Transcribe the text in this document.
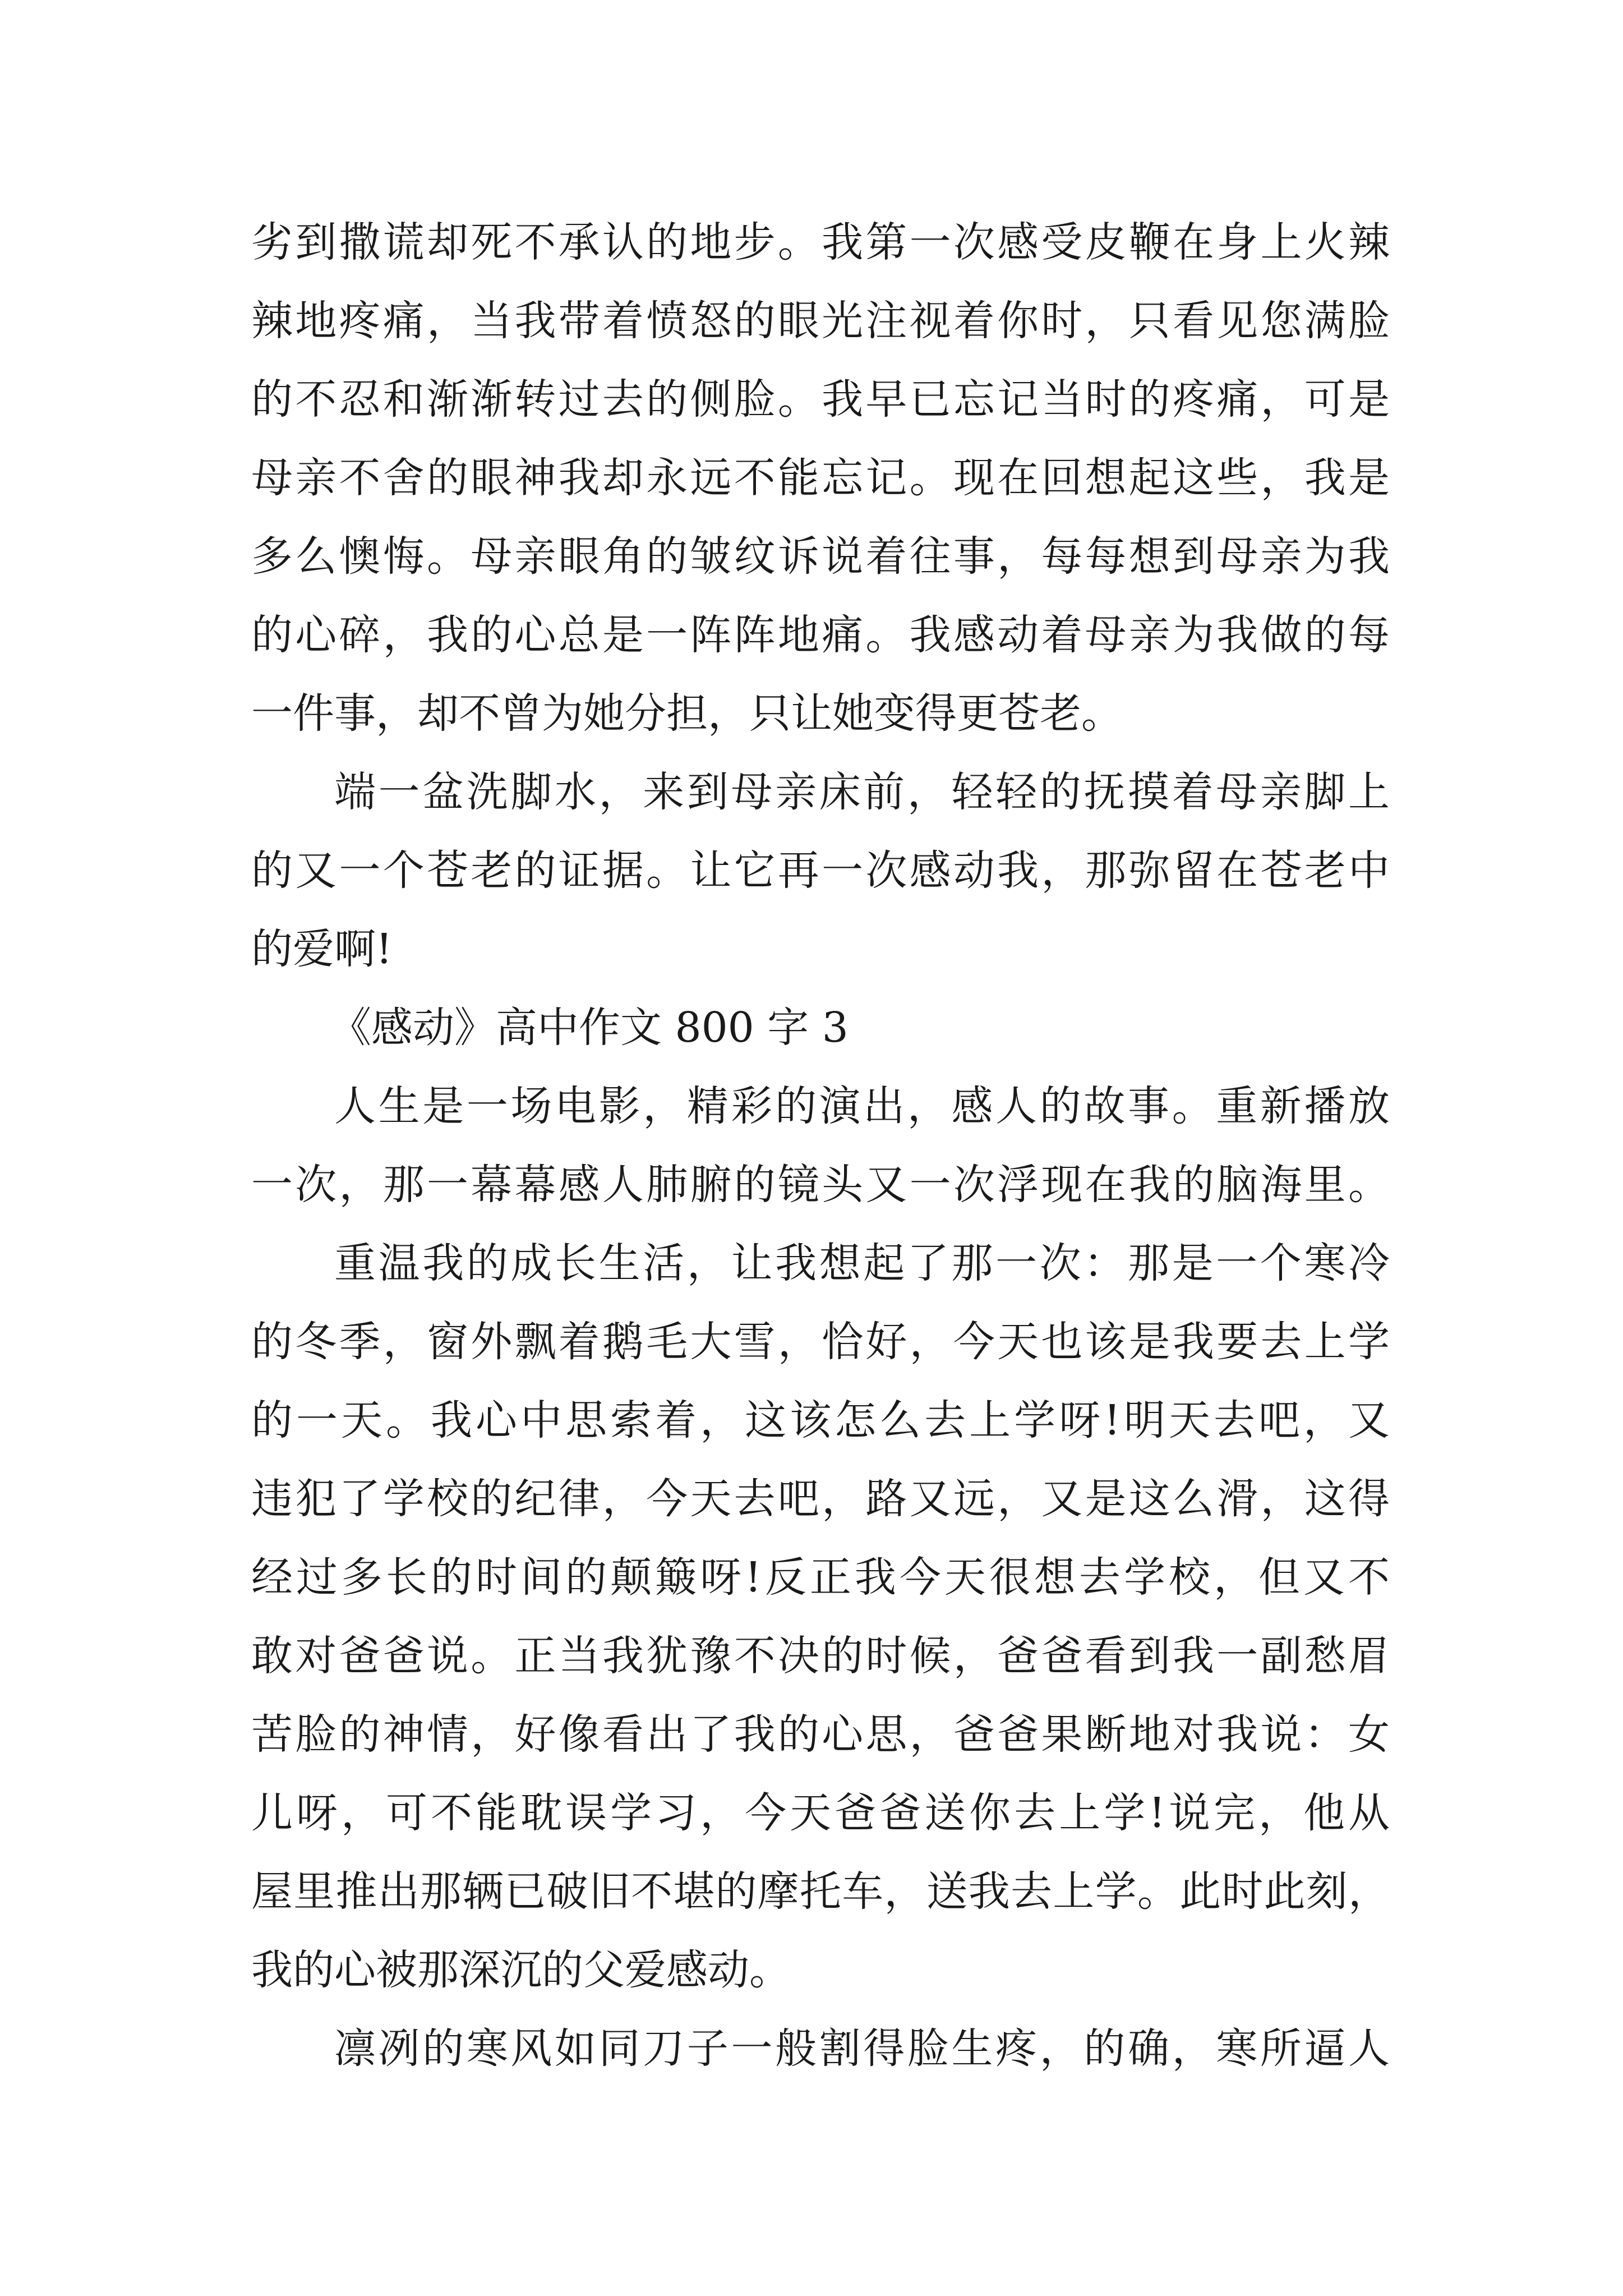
劣到撒谎却死不承认的地步。我第一次感受皮鞭在身上火辣
辣地疼痛，当我带着愤怒的眼光注视着你时，只看见您满脸
的不忍和渐渐转过去的侧脸。我早已忘记当时的疼痛，可是
母亲不舍的眼神我却永远不能忘记。现在回想起这些，我是
多么懊悔。母亲眼角的皱纹诉说着往事，每每想到母亲为我
的心碎，我的心总是一阵阵地痛。我感动着母亲为我做的每
一件事，却不曾为她分担，只让她变得更苍老。
端一盆洗脚水，来到母亲床前，轻轻的抚摸着母亲脚上
的又一个苍老的证据。让它再一次感动我，那弥留在苍老中
的爱啊!
《感动》高中作文 800 字 3
人生是一场电影，精彩的演出，感人的故事。重新播放
一次，那一幕幕感人肺腑的镜头又一次浮现在我的脑海里。
重温我的成长生活，让我想起了那一次：那是一个寒冷
的冬季，窗外飘着鹅毛大雪，恰好，今天也该是我要去上学
的一天。我心中思索着，这该怎么去上学呀!明天去吧，又
违犯了学校的纪律，今天去吧，路又远，又是这么滑，这得
经过多长的时间的颠簸呀!反正我今天很想去学校，但又不
敢对爸爸说。正当我犹豫不决的时候，爸爸看到我一副愁眉
苦脸的神情，好像看出了我的心思，爸爸果断地对我说：女
儿呀，可不能耽误学习，今天爸爸送你去上学!说完，他从
屋里推出那辆已破旧不堪的摩托车，送我去上学。此时此刻，
我的心被那深沉的父爱感动。
凛冽的寒风如同刀子一般割得脸生疼，的确，寒所逼人
